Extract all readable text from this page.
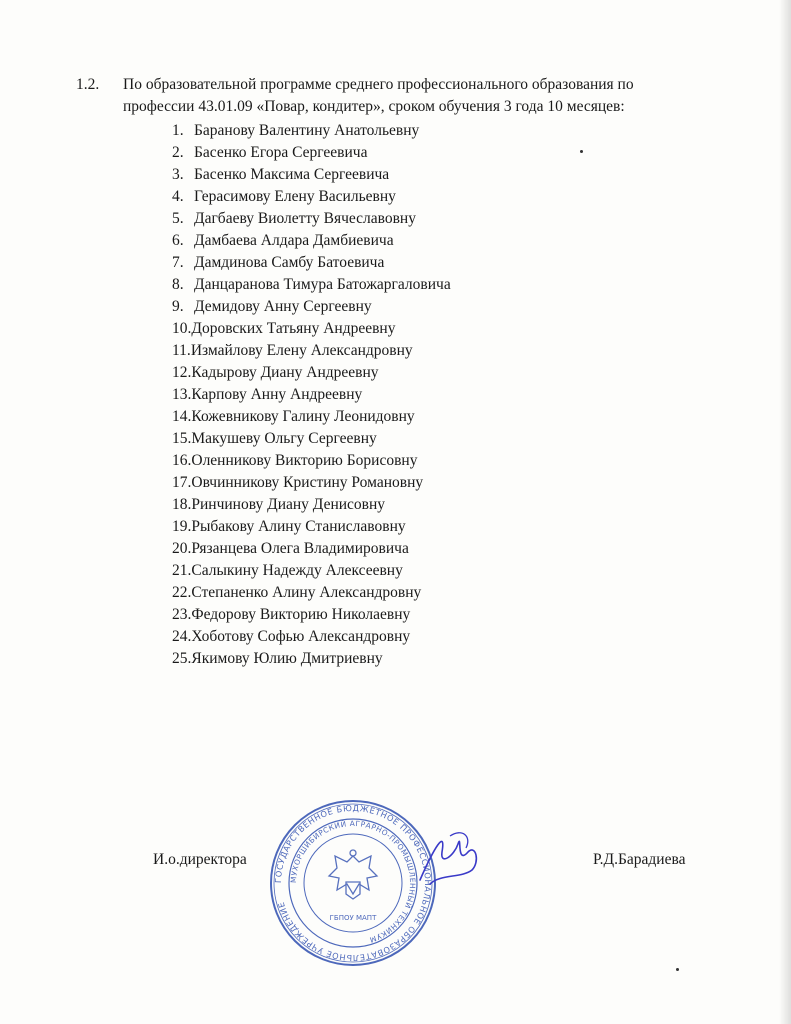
1.2. По образовательной программе среднего профессионального образования по
профессии 43.01.09 «Повар, кондитер», сроком обучения 3 года 10 месяцев:
1. Баранову Валентину Анатольевну
2. Басенко Егора Сергеевича
3. Басенко Максима Сергеевича
4. Герасимову Елену Васильевну
5. Дагбаеву Виолетту Вячеславовну
6. Дамбаева Алдара Дамбиевича
7. Дамдинова Самбу Батоевича
8. Данцаранова Тимура Батожаргаловича
9. Демидову Анну Сергеевну
10.Доровских Татьяну Андреевну
11.Измайлову Елену Александровну
12.Кадырову Диану Андреевну
13.Карпову Анну Андреевну
14.Кожевникову Галину Леонидовну
15.Макушеву Ольгу Сергеевну
16.Оленникову Викторию Борисовну
17.Овчинникову Кристину Романовну
18.Ринчинову Диану Денисовну
19.Рыбакову Алину Станиславовну
20.Рязанцева Олега Владимировича
21.Салыкину Надежду Алексеевну
22.Степаненко Алину Александровну
23.Федорову Викторию Николаевну
24.Хоботову Софью Александровну
25.Якимову Юлию Дмитриевну
И.о.директора
ГОСУДАРСТВЕННОЕ БЮДЖЕТНОЕ ПРОФЕССИОНАЛЬНОЕ ОБРАЗОВАТЕЛЬНОЕ УЧРЕЖДЕНИЕ
МУХОРШИБИРСКИЙ АГРАРНО-ПРОМЫШЛЕННЫЙ ТЕХНИКУМ
ГБПОУ МАПТ
Р.Д.Барадиева
